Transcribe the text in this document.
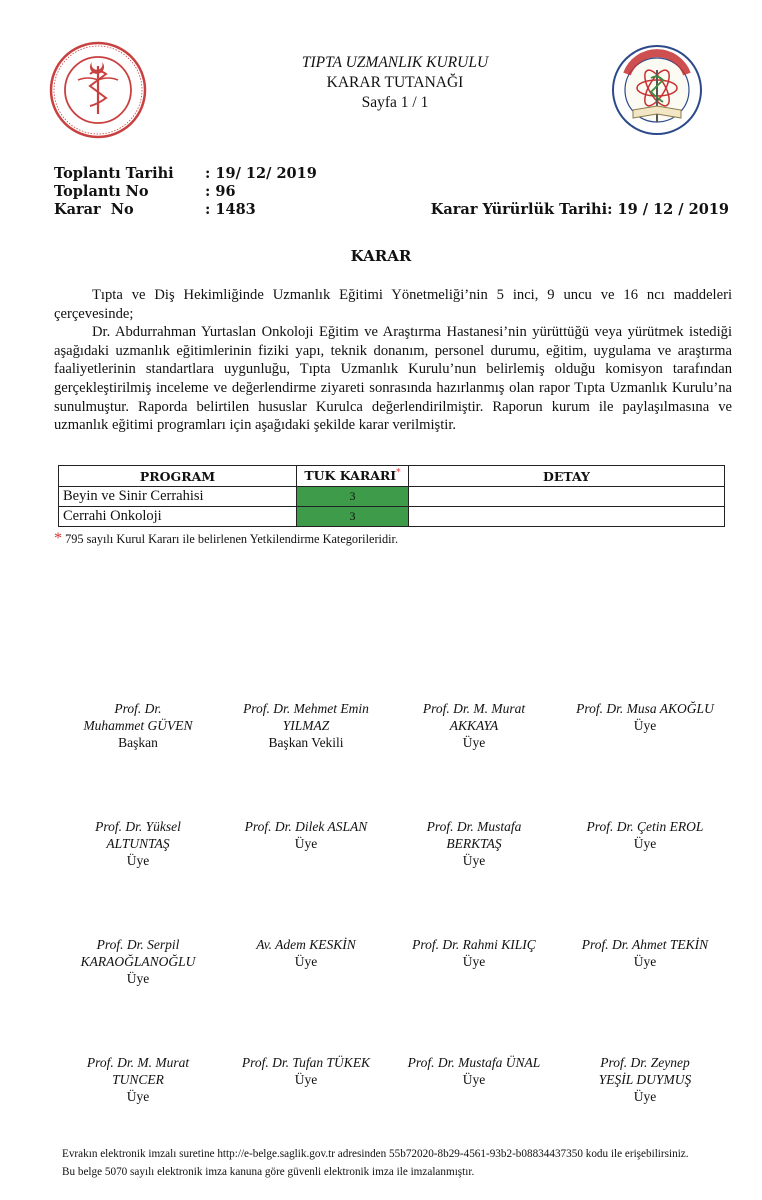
TIPTA UZMANLIK KURULU
KARAR TUTANAĞI
Sayfa 1 / 1
Toplantı Tarihi : 19/ 12/ 2019
Toplantı No	: 96
Karar  No	: 1483	Karar Yürürlük Tarihi: 19 / 12 / 2019
KARAR

Tıpta ve Diş Hekimliğinde Uzmanlık Eğitimi Yönetmeliği’nin 5 inci, 9 uncu ve 16 ncı maddeleri çerçevesinde;

Dr. Abdurrahman Yurtaslan Onkoloji Eğitim ve Araştırma Hastanesi’nin yürüttüğü veya yürütmek istediği aşağıdaki uzmanlık eğitimlerinin fiziki yapı, teknik donanım, personel durumu, eğitim, uygulama ve araştırma faaliyetlerinin standartlara uygunluğu, Tıpta Uzmanlık Kurulu’nun belirlemiş olduğu komisyon tarafından gerçekleştirilmiş inceleme ve değerlendirme ziyareti sonrasında hazırlanmış olan rapor Tıpta Uzmanlık Kurulu’na sunulmuştur. Raporda belirtilen hususlar Kurulca değerlendirilmiştir. Raporun kurum ile paylaşılmasına ve uzmanlık eğitimi programları için aşağıdaki şekilde karar verilmiştir.

PROGRAM	TUK KARARI*	DETAY
Beyin ve Sinir Cerrahisi	3	
Cerrahi Onkoloji	3	
* 795 sayılı Kurul Kararı ile belirlenen Yetkilendirme Kategorileridir.
Prof. Dr. Muhammet GÜVEN
Başkan
Prof. Dr. Mehmet Emin YILMAZ
Başkan Vekili
Prof. Dr. M. Murat AKKAYA
Üye
Prof. Dr. Musa AKOĞLU
Üye
Prof. Dr. Yüksel ALTUNTAŞ
Üye
Prof. Dr. Dilek ASLAN
Üye
Prof. Dr. Mustafa BERKTAŞ
Üye
Prof. Dr. Çetin EROL
Üye
Prof. Dr. Serpil KARAOĞLANOĞLU
Üye
Av. Adem KESKİN
Üye
Prof. Dr. Rahmi KILIÇ
Üye
Prof. Dr. Ahmet TEKİN
Üye
Prof. Dr. M. Murat TUNCER
Üye
Prof. Dr. Tufan TÜKEK
Üye
Prof. Dr. Mustafa ÜNAL
Üye
Prof. Dr. Zeynep YEŞİL DUYMUŞ
Üye
Evrakın elektronik imzalı suretine http://e-belge.saglik.gov.tr adresinden 55b72020-8b29-4561-93b2-b08834437350 kodu ile erişebilirsiniz.
Bu belge 5070 sayılı elektronik imza kanuna göre güvenli elektronik imza ile imzalanmıştır.
